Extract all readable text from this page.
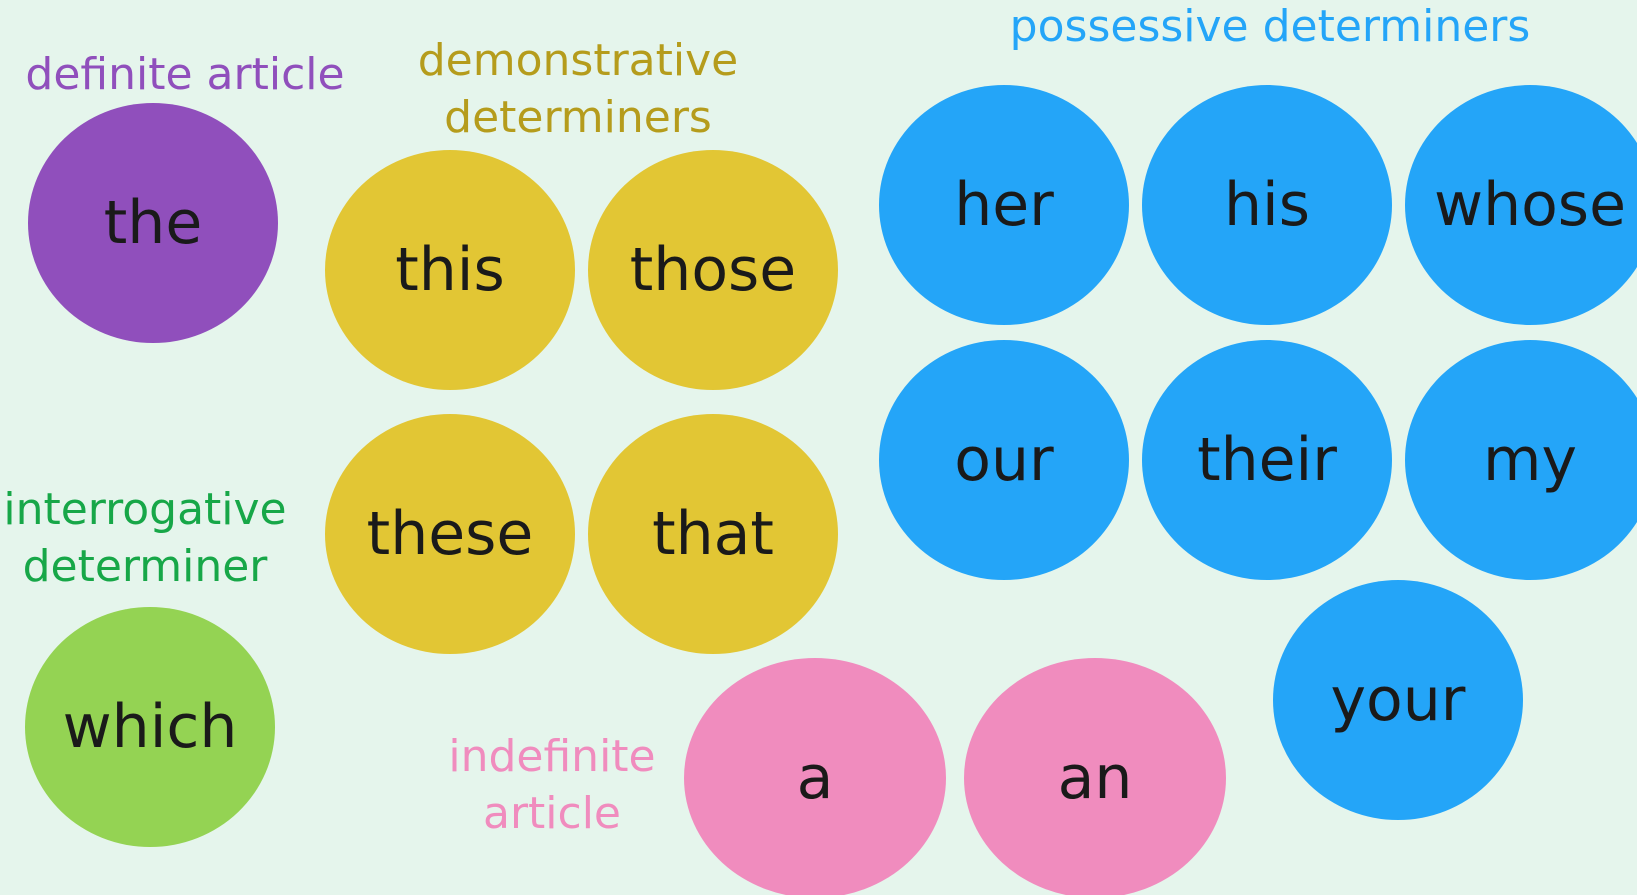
definite article
the
demonstrative
determiners
this those
these that
possessive determiners
her	his whose
our their my
your
interrogative
determiner
which	indefinite
article
a	an
